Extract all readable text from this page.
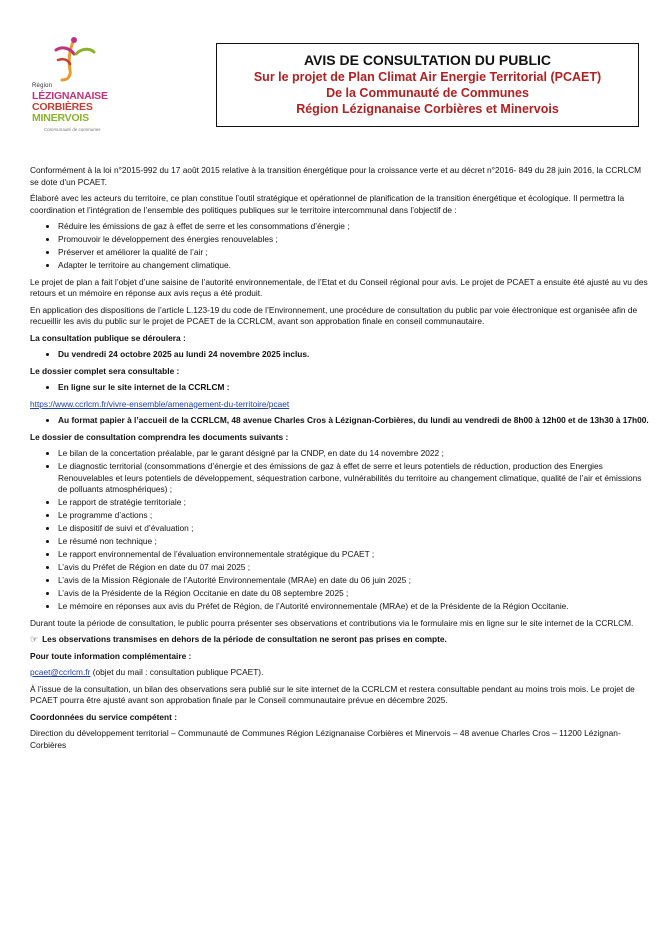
Région
LÉZIGNANAISE
CORBIÈRES
MINERVOIS
Communauté de communes
AVIS DE CONSULTATION DU PUBLIC
Sur le projet de Plan Climat Air Energie Territorial (PCAET)
De la Communauté de Communes
Région Lézignanaise Corbières et Minervois

Conformément à la loi n°2015-992 du 17 août 2015 relative à la transition énergétique pour la croissance verte et au décret n°2016- 849 du 28 juin 2016, la CCRLCM se dote d’un PCAET.

Élaboré avec les acteurs du territoire, ce plan constitue l’outil stratégique et opérationnel de planification de la transition énergétique et écologique. Il permettra la coordination et l’intégration de l’ensemble des politiques publiques sur le territoire intercommunal dans l’objectif de :

• Réduire les émissions de gaz à effet de serre et les consommations d’énergie ;
• Promouvoir le développement des énergies renouvelables ;
• Préserver et améliorer la qualité de l’air ;
• Adapter le territoire au changement climatique.

Le projet de plan a fait l’objet d’une saisine de l’autorité environnementale, de l’Etat et du Conseil régional pour avis. Le projet de PCAET a ensuite été ajusté au vu des retours et un mémoire en réponse aux avis reçus a été produit.

En application des dispositions de l’article L.123-19 du code de l’Environnement, une procédure de consultation du public par voie électronique est organisée afin de recueillir les avis du public sur le projet de PCAET de la CCRLCM, avant son approbation finale en conseil communautaire.

La consultation publique se déroulera :

• Du vendredi 24 octobre 2025 au lundi 24 novembre 2025 inclus.

Le dossier complet sera consultable :

• En ligne sur le site internet de la CCRLCM :

https://www.ccrlcm.fr/vivre-ensemble/amenagement-du-territoire/pcaet

• Au format papier à l’accueil de la CCRLCM, 48 avenue Charles Cros à Lézignan-Corbières, du lundi au vendredi de 8h00 à 12h00 et de 13h30 à 17h00.

Le dossier de consultation comprendra les documents suivants :

• Le bilan de la concertation préalable, par le garant désigné par la CNDP, en date du 14 novembre 2022 ;
• Le diagnostic territorial (consommations d’énergie et des émissions de gaz à effet de serre et leurs potentiels de réduction, production des Energies Renouvelables et leurs potentiels de développement, séquestration carbone, vulnérabilités du territoire au changement climatique, qualité de l’air et émissions de polluants atmosphériques) ;
• Le rapport de stratégie territoriale ;
• Le programme d’actions ;
• Le dispositif de suivi et d’évaluation ;
• Le résumé non technique ;
• Le rapport environnemental de l’évaluation environnementale stratégique du PCAET ;
• L’avis du Préfet de Région en date du 07 mai 2025 ;
• L’avis de la Mission Régionale de l’Autorité Environnementale (MRAe) en date du 06 juin 2025 ;
• L’avis de la Présidente de la Région Occitanie en date du 08 septembre 2025 ;
• Le mémoire en réponses aux avis du Préfet de Région, de l’Autorité environnementale (MRAe) et de la Présidente de la Région Occitanie.

Durant toute la période de consultation, le public pourra présenter ses observations et contributions via le formulaire mis en ligne sur le site internet de la CCRLCM.

☞ Les observations transmises en dehors de la période de consultation ne seront pas prises en compte.

Pour toute information complémentaire :

pcaet@ccrlcm.fr (objet du mail : consultation publique PCAET).

À l’issue de la consultation, un bilan des observations sera publié sur le site internet de la CCRLCM et restera consultable pendant au moins trois mois. Le projet de PCAET pourra être ajusté avant son approbation finale par le Conseil communautaire prévue en décembre 2025.

Coordonnées du service compétent :

Direction du développement territorial – Communauté de Communes Région Lézignanaise Corbières et Minervois – 48 avenue Charles Cros – 11200 Lézignan-Corbières
